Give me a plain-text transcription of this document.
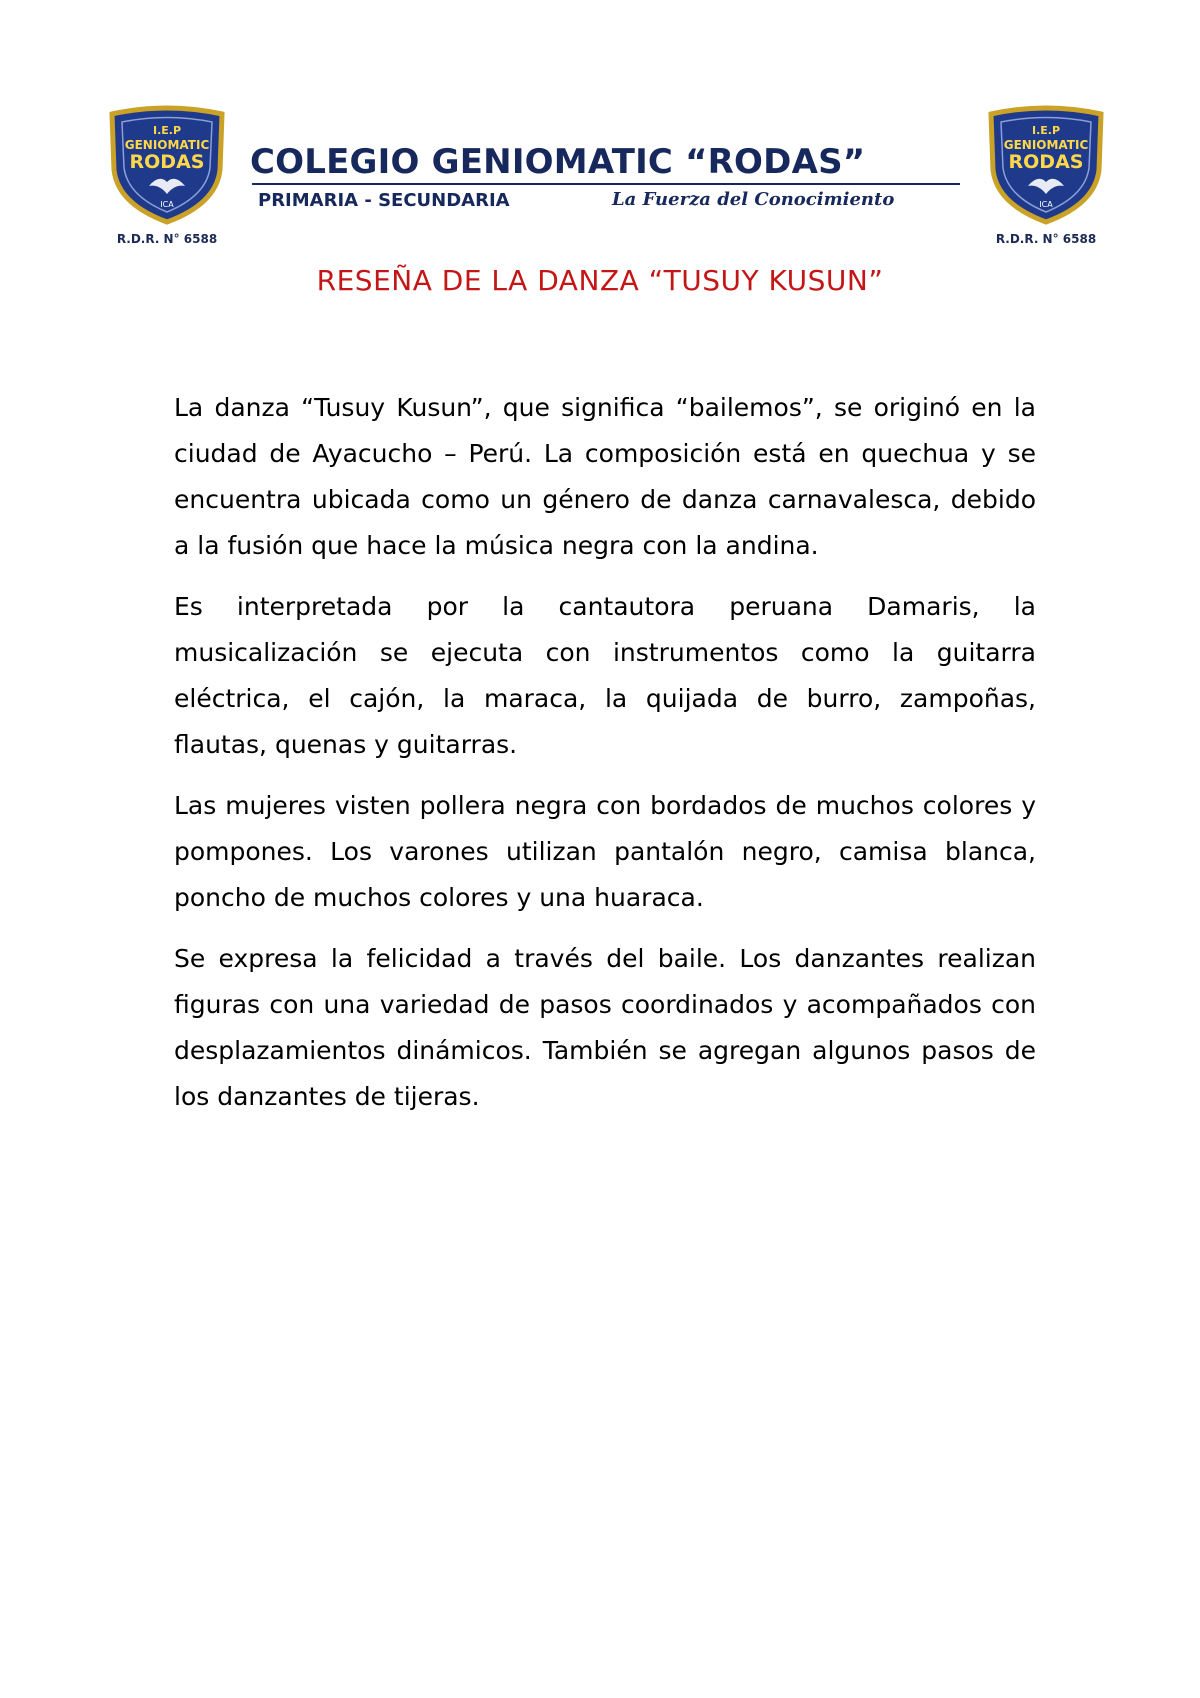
I.E.P
GENIOMATIC
RODAS
ICA
R.D.R. N° 6588
COLEGIO GENIOMATIC “RODAS”
PRIMARIA - SECUNDARIA	La Fuerza del Conocimiento
I.E.P
GENIOMATIC
RODAS
ICA
R.D.R. N° 6588
RESEÑA DE LA DANZA “TUSUY KUSUN”

La danza “Tusuy Kusun”, que significa “bailemos”, se originó en la ciudad de Ayacucho – Perú. La composición está en quechua y se encuentra ubicada como un género de danza carnavalesca, debido a la fusión que hace la música negra con la andina.

Es interpretada por la cantautora peruana Damaris, la musicalización se ejecuta con instrumentos como la guitarra eléctrica, el cajón, la maraca, la quijada de burro, zampoñas, flautas, quenas y guitarras.

Las mujeres visten pollera negra con bordados de muchos colores y pompones. Los varones utilizan pantalón negro, camisa blanca, poncho de muchos colores y una huaraca.

Se expresa la felicidad a través del baile. Los danzantes realizan figuras con una variedad de pasos coordinados y acompañados con desplazamientos dinámicos. También se agregan algunos pasos de los danzantes de tijeras.
